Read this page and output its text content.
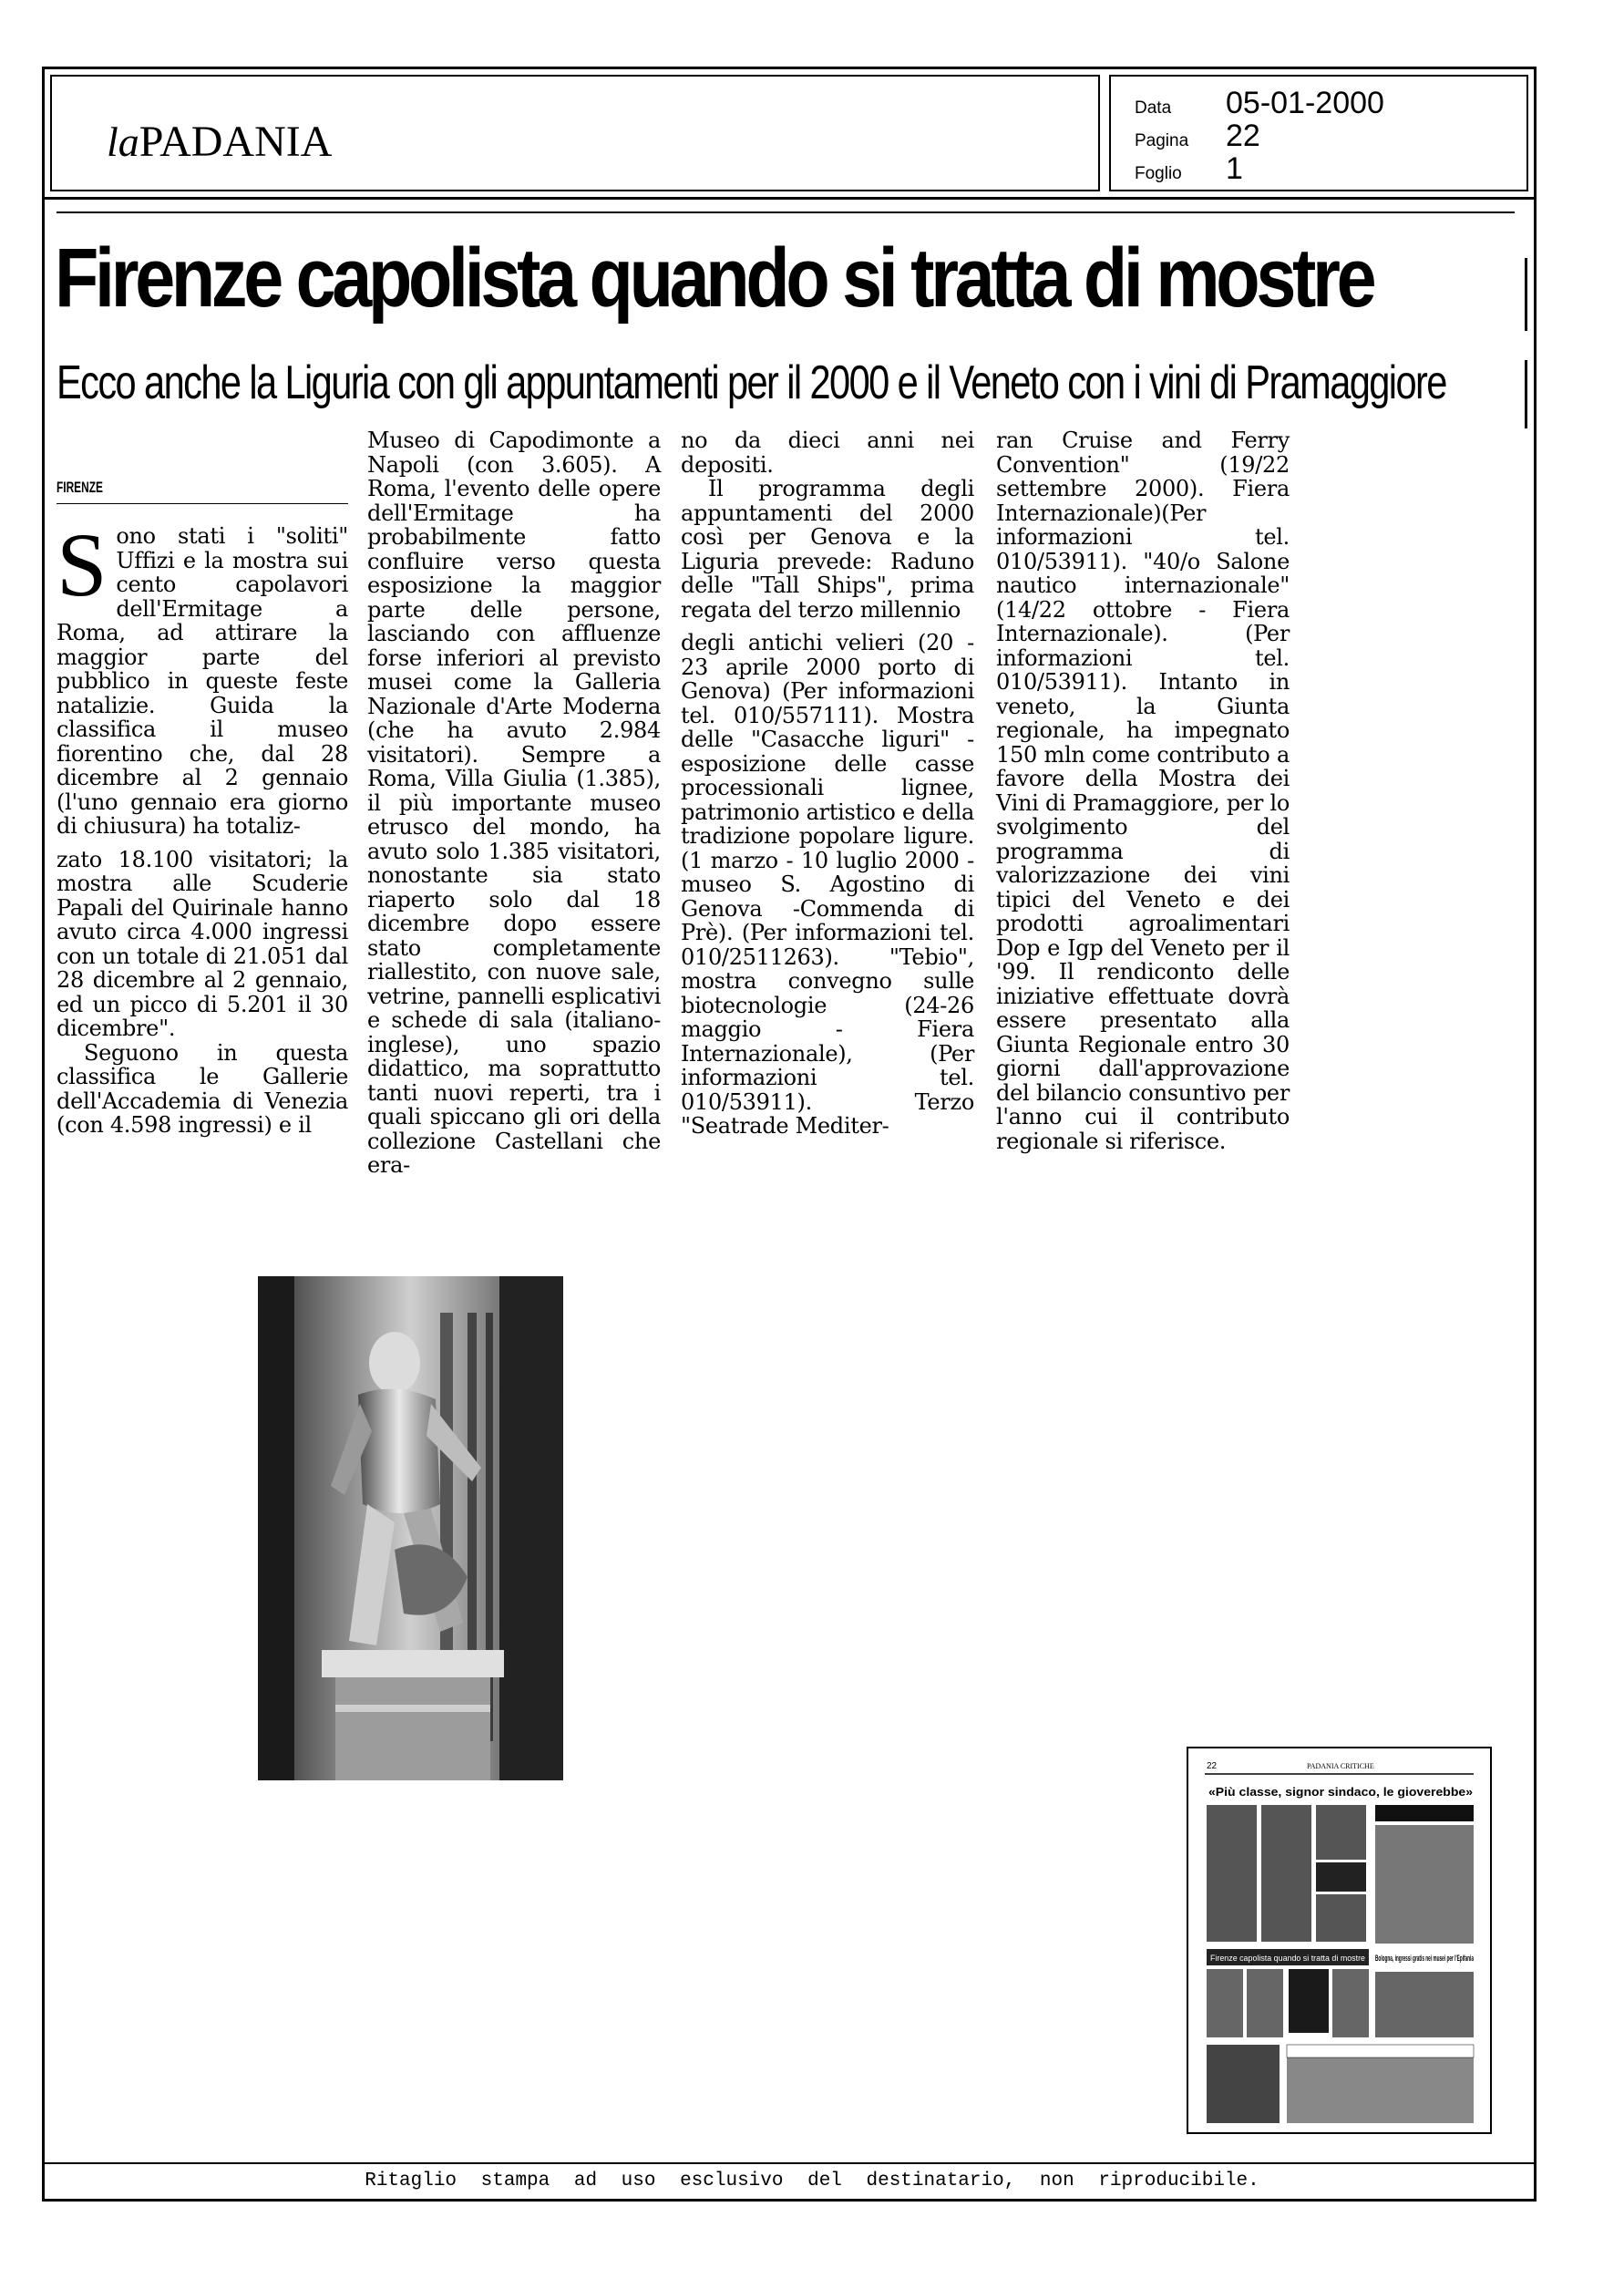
laPADANIA
Data	05-01-2000
Pagina	22
Foglio	1
Firenze capolista quando si tratta di mostre
Ecco anche la Liguria con gli appuntamenti per il 2000 e il Veneto con i vini di Pramaggiore
FIRENZE
S ono stati i "soliti" Uffizi e la mostra sui cento capolavori dell'Ermitage a Roma, ad attirare la maggior parte del pubblico in queste feste natalizie. Guida la classifica il museo fiorentino che, dal 28 dicembre al 2 gennaio (l'uno gennaio era giorno di chiusura) ha totaliz-

zato 18.100 visitatori; la mostra alle Scuderie Papali del Quirinale hanno avuto circa 4.000 ingressi con un totale di 21.051 dal 28 dicembre al 2 gennaio, ed un picco di 5.201 il 30 dicembre".

Seguono in questa classifica le Gallerie dell'Accademia di Venezia (con 4.598 ingressi) e il

Museo di Capodimonte a Napoli (con 3.605). A Roma, l'evento delle opere dell'Ermitage ha probabilmente fatto confluire verso questa esposizione la maggior parte delle persone, lasciando con affluenze forse inferiori al previsto musei come la Galleria Nazionale d'Arte Moderna (che ha avuto 2.984 visitatori). Sempre a Roma, Villa Giulia (1.385), il più importante museo etrusco del mondo, ha avuto solo 1.385 visitatori, nonostante sia stato riaperto solo dal 18 dicembre dopo essere stato completamente riallestito, con nuove sale, vetrine, pannelli esplicativi e schede di sala (italiano-inglese), uno spazio didattico, ma soprattutto tanti nuovi reperti, tra i quali spiccano gli ori della collezione Castellani che era-

no da dieci anni nei depositi.

Il programma degli appuntamenti del 2000 così per Genova e la Liguria prevede: Raduno delle "Tall Ships", prima regata del terzo millennio

degli antichi velieri (20 - 23 aprile 2000 porto di Genova) (Per informazioni tel. 010/557111). Mostra delle "Casacche liguri" - esposizione delle casse processionali lignee, patrimonio artistico e della tradizione popolare ligure. (1 marzo - 10 luglio 2000 - museo S. Agostino di Genova -Commenda di Prè). (Per informazioni tel. 010/2511263). "Tebio", mostra convegno sulle biotecnologie (24-26 maggio - Fiera Internazionale), (Per informazioni tel. 010/53911). Terzo "Seatrade Mediter-

ran Cruise and Ferry Convention" (19/22 settembre 2000). Fiera Internazionale)(Per informazioni tel. 010/53911). "40/o Salone nautico internazionale" (14/22 ottobre - Fiera Internazionale). (Per informazioni tel. 010/53911). Intanto in veneto, la Giunta regionale, ha impegnato 150 mln come contributo a favore della Mostra dei Vini di Pramaggiore, per lo svolgimento del programma di valorizzazione dei vini tipici del Veneto e dei prodotti agroalimentari Dop e Igp del Veneto per il '99. Il rendiconto delle iniziative effettuate dovrà essere presentato alla Giunta Regionale entro 30 giorni dall'approvazione del bilancio consuntivo per l'anno cui il contributo regionale si riferisce.

22	PADANIA CRITICHE
«Più classe, signor sindaco, le gioverebbe»
Firenze capolista quando si tratta di mostre Bologna, ingressi gratis nei musei per l'Epifania
Ritaglio stampa ad uso esclusivo del destinatario, non riproducibile.
